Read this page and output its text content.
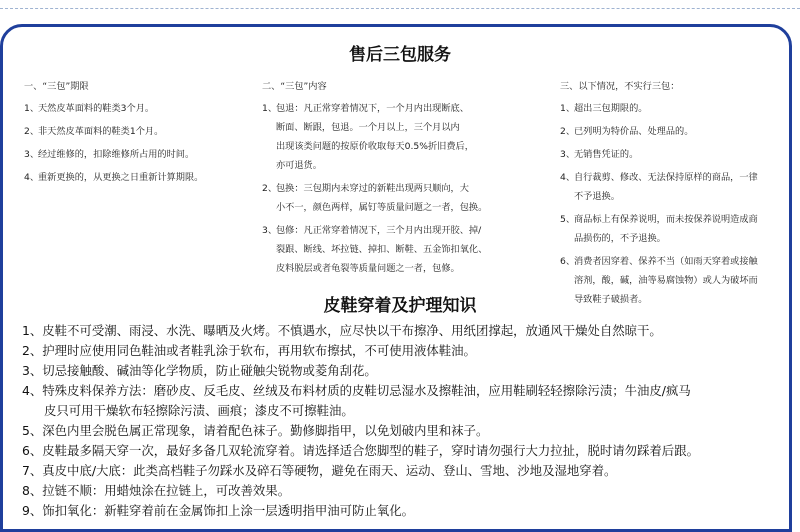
售后三包服务
一、“三包”期限
1、
天然皮革面料的鞋类3个月。
2、
非天然皮革面料的鞋类1个月。
3、
经过维修的，扣除维修所占用的时间。
4、
重新更换的，从更换之日重新计算期限。
二、“三包”内容
1、
包退：凡正常穿着情况下，一个月内出现断底、
断面、断跟，包退。一个月以上，三个月以内
出现该类问题的按原价收取每天0.5%折旧费后，
亦可退货。
2、
包换：三包期内未穿过的新鞋出现两只顺向，大
小不一，颜色两样，属钉等质量问题之一者，包换。
3、
包修：凡正常穿着情况下，三个月内出现开胶、掉/
裂跟、断线、坏拉链、掉扣、断鞋、五金饰扣氧化、
皮料脱层或者龟裂等质量问题之一者，包修。
三、以下情况，不实行三包：
1、
超出三包期限的。
2、
已列明为特价品、处理品的。
3、
无销售凭证的。
4、
自行裁剪、修改、无法保持原样的商品，一律
不予退换。
5、
商品标上有保养说明，而未按保养说明造成商
品损伤的，不予退换。
6、
消费者因穿着、保养不当（如雨天穿着或接触
溶剂，酸，碱，油等易腐蚀物）或人为破坏而
导致鞋子破损者。
皮鞋穿着及护理知识
1、皮鞋不可受潮、雨浸、水洗、曝晒及火烤。不慎遇水，应尽快以干布擦净、用纸团撑起，放通风干燥处自然晾干。
2、护理时应使用同色鞋油或者鞋乳涂于软布，再用软布擦拭，不可使用液体鞋油。
3、切忌接触酸、碱油等化学物质，防止碰触尖锐物或菱角刮花。
4、特殊皮料保养方法：磨砂皮、反毛皮、丝绒及布料材质的皮鞋切忌湿水及擦鞋油，应用鞋刷轻轻擦除污渍；牛油皮/疯马

皮只可用干燥软布轻擦除污渍、画痕；漆皮不可擦鞋油。
5、深色内里会脱色属正常现象，请着配色袜子。勤修脚指甲，以免划破内里和袜子。
6、皮鞋最多隔天穿一次，最好多备几双轮流穿着。请选择适合您脚型的鞋子，穿时请勿强行大力拉扯，脱时请勿踩着后跟。
7、真皮中底/大底：此类高档鞋子勿踩水及碎石等硬物，避免在雨天、运动、登山、雪地、沙地及湿地穿着。
8、拉链不顺：用蜡烛涂在拉链上，可改善效果。
9、饰扣氧化：新鞋穿着前在金属饰扣上涂一层透明指甲油可防止氧化。
